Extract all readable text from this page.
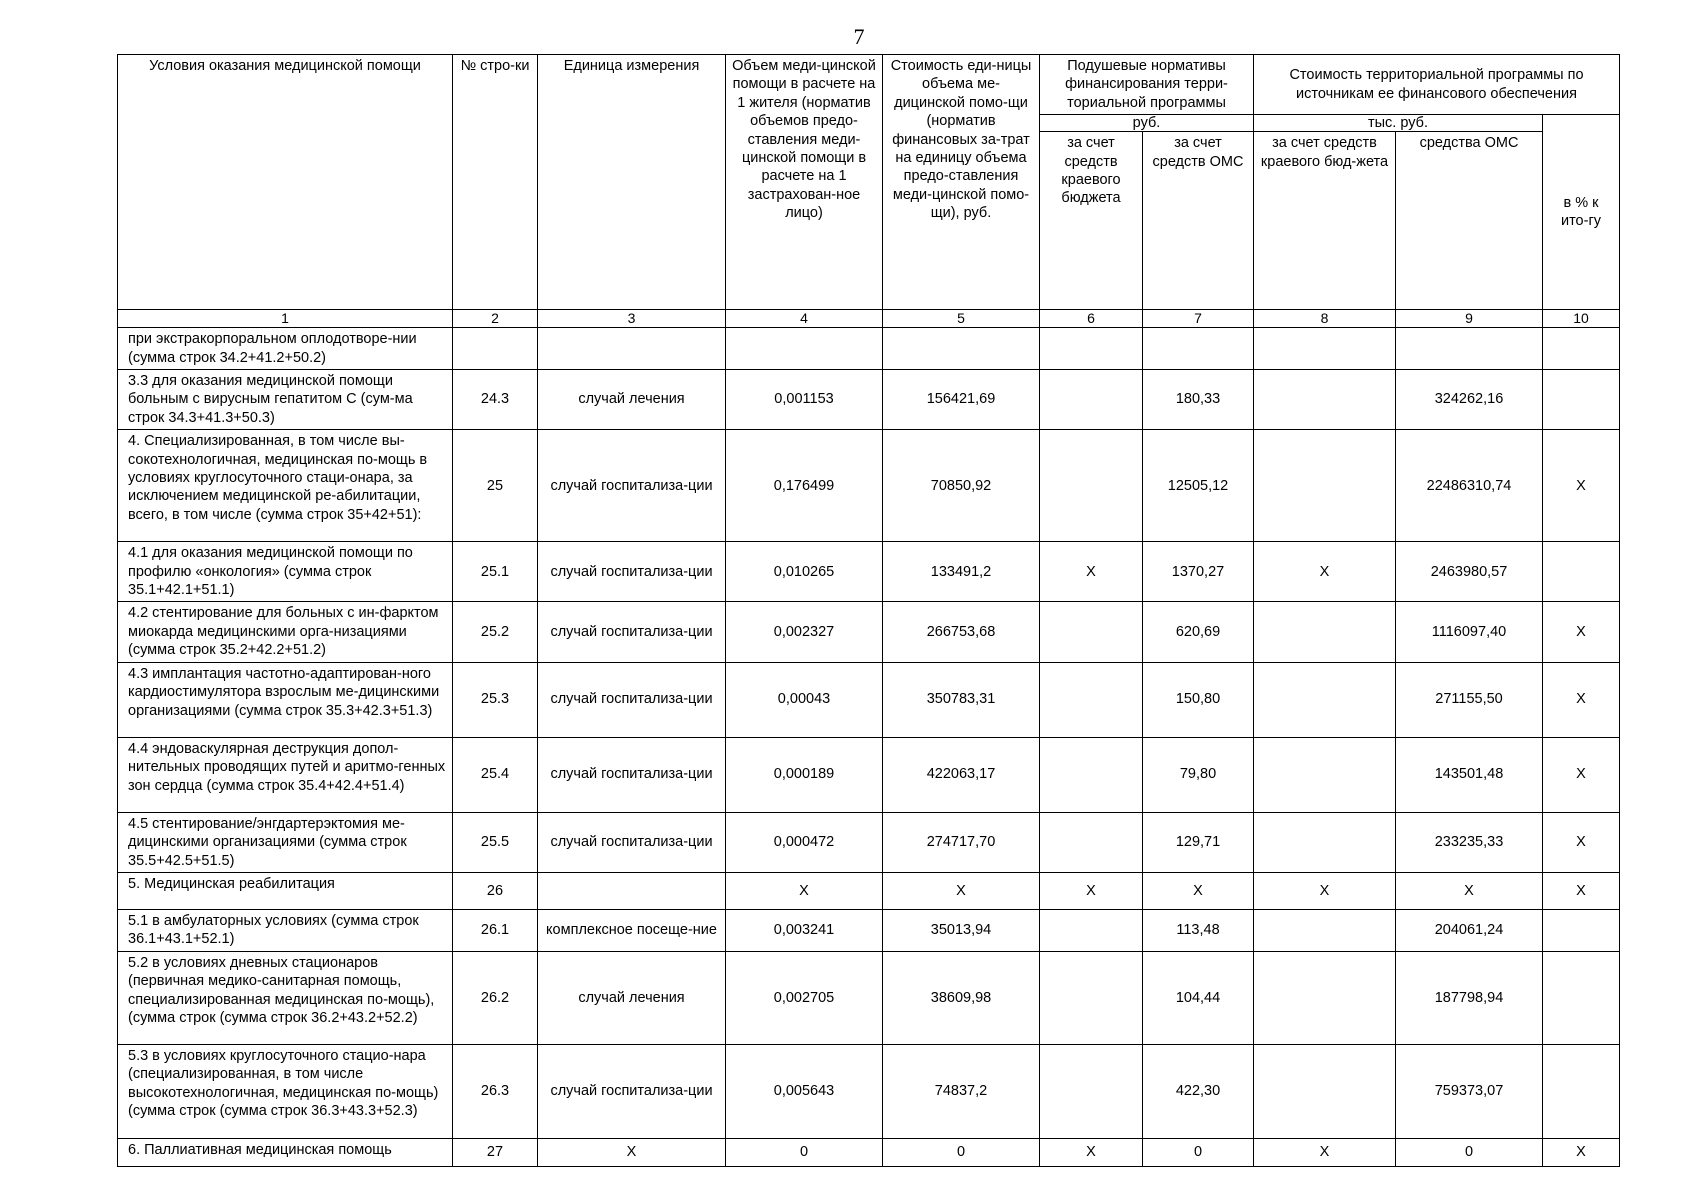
7
Условия оказания медицинской помощи	№ стро-ки	Единица измерения	Объем меди-цинской помощи в расчете на 1 жителя (норматив объемов предо-ставления меди-цинской помощи в расчете на 1 застрахован-ное лицо)	Стоимость еди-ницы объема ме-дицинской помо-щи (норматив финансовых за-трат на единицу объема предо-ставления меди-цинской помо-щи), руб.	Подушевые нормативы финансирования терри-ториальной программы		Стоимость территориальной программы по источникам ее финансового обеспечения		
					руб.		тыс. руб.		в % к ито-гу
					за счет средств краевого бюджета	за счет средств ОМС	за счет средств краевого бюд-жета	средства ОМС	
1	2	3	4	5	6	7	8	9	10
при экстракорпоральном оплодотворе-нии (сумма строк 34.2+41.2+50.2)									
3.3 для оказания медицинской помощи больным с вирусным гепатитом С (сум-ма строк 34.3+41.3+50.3)	24.3	случай лечения	0,001153	156421,69		180,33		324262,16	
4. Специализированная, в том числе вы-сокотехнологичная, медицинская по-мощь в условиях круглосуточного стаци-онара, за исключением медицинской ре-абилитации, всего, в том числе (сумма строк 35+42+51):	25	случай госпитализа-ции	0,176499	70850,92		12505,12		22486310,74	X
4.1 для оказания медицинской помощи по профилю «онкология» (сумма строк 35.1+42.1+51.1)	25.1	случай госпитализа-ции	0,010265	133491,2	X	1370,27	X	2463980,57	
4.2 стентирование для больных с ин-фарктом миокарда медицинскими орга-низациями (сумма строк 35.2+42.2+51.2)	25.2	случай госпитализа-ции	0,002327	266753,68		620,69		1116097,40	X
4.3 имплантация частотно-адаптирован-ного кардиостимулятора взрослым ме-дицинскими организациями (сумма строк 35.3+42.3+51.3)	25.3	случай госпитализа-ции	0,00043	350783,31		150,80		271155,50	X
4.4 эндоваскулярная деструкция допол-нительных проводящих путей и аритмо-генных зон сердца (сумма строк 35.4+42.4+51.4)	25.4	случай госпитализа-ции	0,000189	422063,17		79,80		143501,48	X
4.5 стентирование/энгдартерэктомия ме-дицинскими организациями (сумма строк 35.5+42.5+51.5)	25.5	случай госпитализа-ции	0,000472	274717,70		129,71		233235,33	X
5. Медицинская реабилитация	26		X	X	X	X	X	X	X
5.1 в амбулаторных условиях (сумма строк 36.1+43.1+52.1)	26.1	комплексное посеще-ние	0,003241	35013,94		113,48		204061,24	
5.2 в условиях дневных стационаров (первичная медико-санитарная помощь, специализированная медицинская по-мощь), (сумма строк (сумма строк 36.2+43.2+52.2)	26.2	случай лечения	0,002705	38609,98		104,44		187798,94	
5.3 в условиях круглосуточного стацио-нара (специализированная, в том числе высокотехнологичная, медицинская по-мощь) (сумма строк (сумма строк 36.3+43.3+52.3)	26.3	случай госпитализа-ции	0,005643	74837,2		422,30		759373,07	
6. Паллиативная медицинская помощь	27	X	0	0	X	0	X	0	X
